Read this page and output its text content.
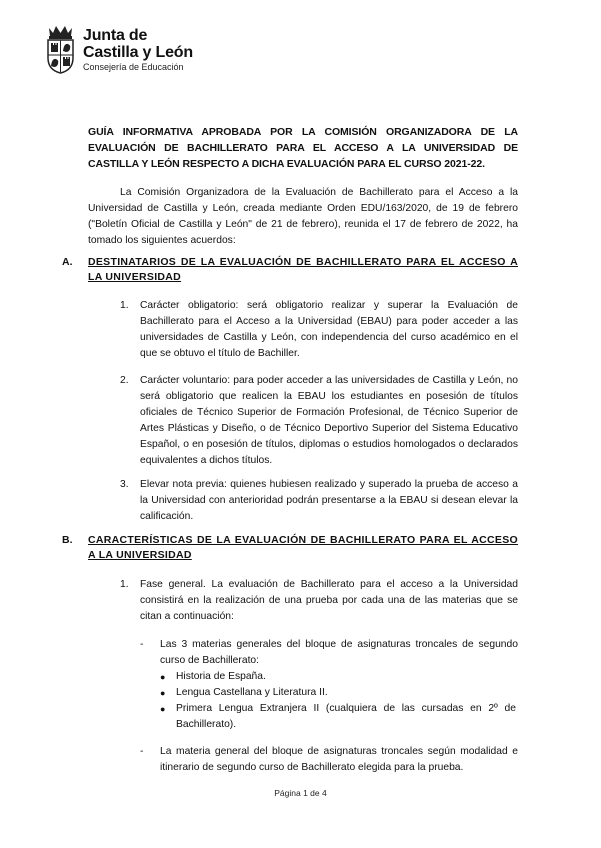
Junta de
Castilla y León
Consejería de Educación
GUÍA INFORMATIVA APROBADA POR LA COMISIÓN ORGANIZADORA DE LA EVALUACIÓN DE BACHILLERATO PARA EL ACCESO A LA UNIVERSIDAD DE CASTILLA Y LEÓN RESPECTO A DICHA EVALUACIÓN PARA EL CURSO 2021-22.
La Comisión Organizadora de la Evaluación de Bachillerato para el Acceso a la Universidad de Castilla y León, creada mediante Orden EDU/163/2020, de 19 de febrero ("Boletín Oficial de Castilla y León" de 21 de febrero), reunida el 17 de febrero de 2022, ha tomado los siguientes acuerdos:
A.	DESTINATARIOS DE LA EVALUACIÓN DE BACHILLERATO PARA EL ACCESO A LA UNIVERSIDAD
1.	Carácter obligatorio: será obligatorio realizar y superar la Evaluación de Bachillerato para el Acceso a la Universidad (EBAU) para poder acceder a las universidades de Castilla y León, con independencia del curso académico en el que se obtuvo el título de Bachiller.
2.	Carácter voluntario: para poder acceder a las universidades de Castilla y León, no será obligatorio que realicen la EBAU los estudiantes en posesión de títulos oficiales de Técnico Superior de Formación Profesional, de Técnico Superior de Artes Plásticas y Diseño, o de Técnico Deportivo Superior del Sistema Educativo Español, o en posesión de títulos, diplomas o estudios homologados o declarados equivalentes a dichos títulos.
3.	Elevar nota previa: quienes hubiesen realizado y superado la prueba de acceso a la Universidad con anterioridad podrán presentarse a la EBAU si desean elevar la calificación.
B.	CARACTERÍSTICAS DE LA EVALUACIÓN DE BACHILLERATO PARA EL ACCESO A LA UNIVERSIDAD
1.	Fase general. La evaluación de Bachillerato para el acceso a la Universidad consistirá en la realización de una prueba por cada una de las materias que se citan a continuación:
-	Las 3 materias generales del bloque de asignaturas troncales de segundo curso de Bachillerato:
●	Historia de España.
●	Lengua Castellana y Literatura II.
●	Primera Lengua Extranjera II (cualquiera de las cursadas en 2º de Bachillerato).
-	La materia general del bloque de asignaturas troncales según modalidad e itinerario de segundo curso de Bachillerato elegida para la prueba.
Página 1 de 4
